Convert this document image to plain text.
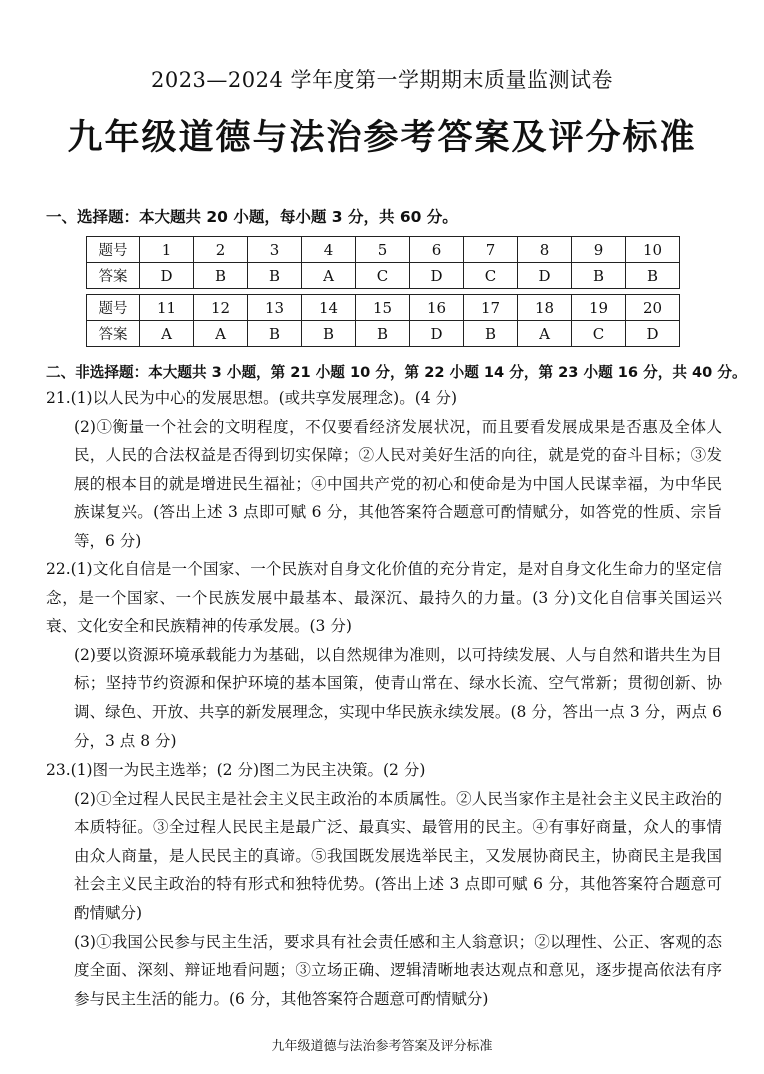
2023—2024 学年度第一学期期末质量监测试卷
九年级道德与法治参考答案及评分标准
一、选择题：本大题共 20 小题，每小题 3 分，共 60 分。
题号	1	2	3	4	5	6	7	8	9	10
答案	D	B	B	A	C	D	C	D	B	B
题号	11	12	13	14	15	16	17	18	19	20
答案	A	A	B	B	B	D	B	A	C	D
二、非选择题：本大题共 3 小题，第 21 小题 10 分，第 22 小题 14 分，第 23 小题 16 分，共 40 分。
21.(1)以人民为中心的发展思想。(或共享发展理念)。(4 分)
(2)①衡量一个社会的文明程度，不仅要看经济发展状况，而且要看发展成果是否惠及全体人民，人民的合法权益是否得到切实保障；②人民对美好生活的向往，就是党的奋斗目标；③发展的根本目的就是增进民生福祉；④中国共产党的初心和使命是为中国人民谋幸福，为中华民族谋复兴。(答出上述 3 点即可赋 6 分，其他答案符合题意可酌情赋分，如答党的性质、宗旨等，6 分)
22.(1)文化自信是一个国家、一个民族对自身文化价值的充分肯定，是对自身文化生命力的坚定信念，是一个国家、一个民族发展中最基本、最深沉、最持久的力量。(3 分)文化自信事关国运兴衰、文化安全和民族精神的传承发展。(3 分)
(2)要以资源环境承载能力为基础，以自然规律为准则，以可持续发展、人与自然和谐共生为目标；坚持节约资源和保护环境的基本国策，使青山常在、绿水长流、空气常新；贯彻创新、协调、绿色、开放、共享的新发展理念，实现中华民族永续发展。(8 分，答出一点 3 分，两点 6 分，3 点 8 分)
23.(1)图一为民主选举；(2 分)图二为民主决策。(2 分)
(2)①全过程人民民主是社会主义民主政治的本质属性。②人民当家作主是社会主义民主政治的本质特征。③全过程人民民主是最广泛、最真实、最管用的民主。④有事好商量，众人的事情由众人商量，是人民民主的真谛。⑤我国既发展选举民主，又发展协商民主，协商民主是我国社会主义民主政治的特有形式和独特优势。(答出上述 3 点即可赋 6 分，其他答案符合题意可酌情赋分)
(3)①我国公民参与民主生活，要求具有社会责任感和主人翁意识；②以理性、公正、客观的态度全面、深刻、辩证地看问题；③立场正确、逻辑清晰地表达观点和意见，逐步提高依法有序参与民主生活的能力。(6 分，其他答案符合题意可酌情赋分)
九年级道德与法治参考答案及评分标准
